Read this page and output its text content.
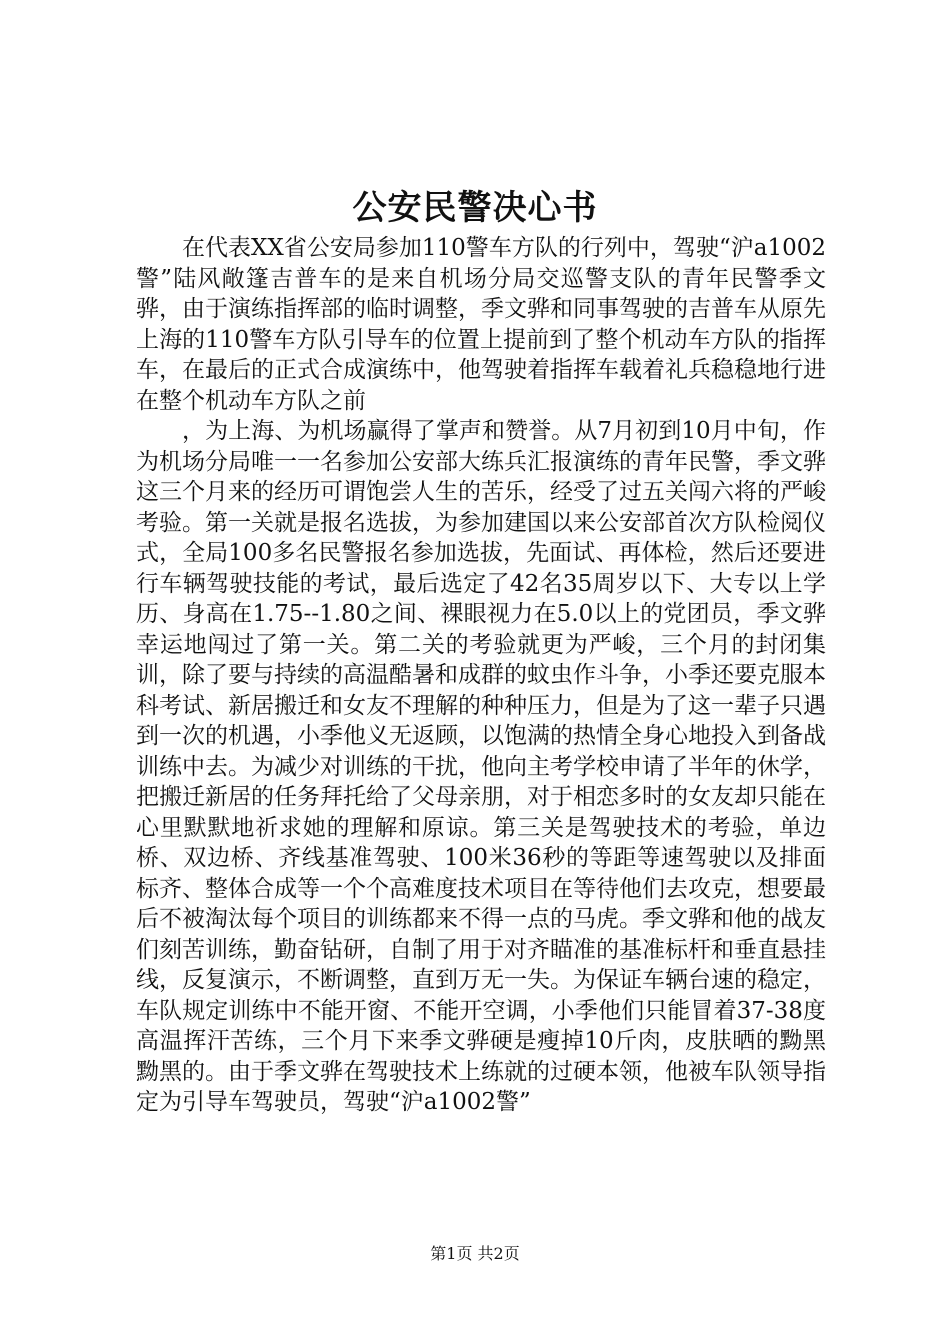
公安民警决心书

在代表XX省公安局参加110警车方队的行列中，驾驶“沪a1002警”陆风敞篷吉普车的是来自机场分局交巡警支队的青年民警季文骅，由于演练指挥部的临时调整，季文骅和同事驾驶的吉普车从原先上海的110警车方队引导车的位置上提前到了整个机动车方队的指挥车，在最后的正式合成演练中，他驾驶着指挥车载着礼兵稳稳地行进在整个机动车方队之前

，为上海、为机场赢得了掌声和赞誉。从7月初到10月中旬，作为机场分局唯一一名参加公安部大练兵汇报演练的青年民警，季文骅这三个月来的经历可谓饱尝人生的苦乐，经受了过五关闯六将的严峻考验。第一关就是报名选拔，为参加建国以来公安部首次方队检阅仪式，全局100多名民警报名参加选拔，先面试、再体检，然后还要进行车辆驾驶技能的考试，最后选定了42名35周岁以下、大专以上学历、身高在1.75--1.80之间、裸眼视力在5.0以上的党团员，季文骅幸运地闯过了第一关。第二关的考验就更为严峻，三个月的封闭集训，除了要与持续的高温酷暑和成群的蚊虫作斗争，小季还要克服本科考试、新居搬迁和女友不理解的种种压力，但是为了这一辈子只遇到一次的机遇，小季他义无返顾，以饱满的热情全身心地投入到备战训练中去。为减少对训练的干扰，他向主考学校申请了半年的休学，把搬迁新居的任务拜托给了父母亲朋，对于相恋多时的女友却只能在心里默默地祈求她的理解和原谅。第三关是驾驶技术的考验，单边桥、双边桥、齐线基准驾驶、100米36秒的等距等速驾驶以及排面标齐、整体合成等一个个高难度技术项目在等待他们去攻克，想要最后不被淘汰每个项目的训练都来不得一点的马虎。季文骅和他的战友们刻苦训练，勤奋钻研，自制了用于对齐瞄准的基准标杆和垂直悬挂线，反复演示，不断调整，直到万无一失。为保证车辆台速的稳定，车队规定训练中不能开窗、不能开空调，小季他们只能冒着37-38度高温挥汗苦练，三个月下来季文骅硬是瘦掉10斤肉，皮肤晒的黝黑黝黑的。由于季文骅在驾驶技术上练就的过硬本领，他被车队领导指定为引导车驾驶员，驾驶“沪a1002警”

第1页 共2页
